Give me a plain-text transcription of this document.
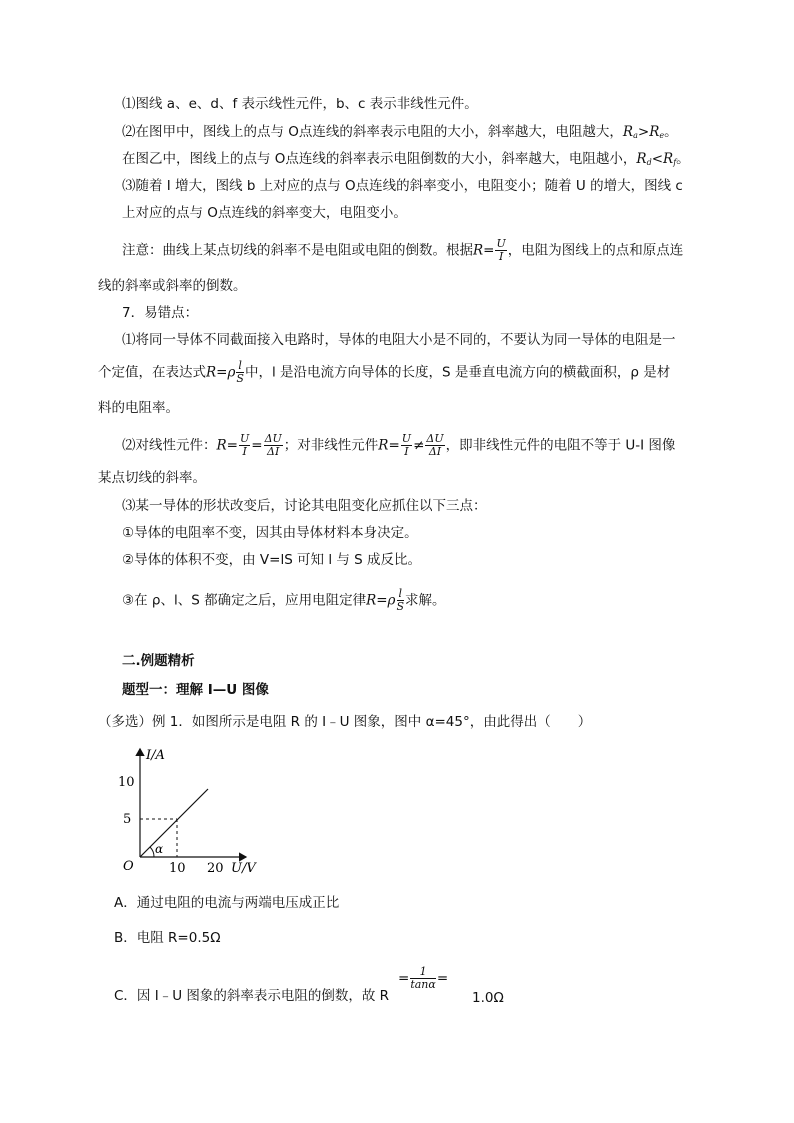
⑴图线 a、e、d、f 表示线性元件，b、c 表示非线性元件。
⑵在图甲中，图线上的点与 O点连线的斜率表示电阻的大小，斜率越大，电阻越大，$R_a>R_e$。
在图乙中，图线上的点与 O点连线的斜率表示电阻倒数的大小，斜率越大，电阻越小，$R_d<R_f$。
⑶随着 I 增大，图线 b 上对应的点与 O点连线的斜率变小，电阻变小；随着 U 的增大，图线 c
上对应的点与 O点连线的斜率变大，电阻变小。
注意：曲线上某点切线的斜率不是电阻或电阻的倒数。根据$R= \frac{U}{I}$ ，电阻为图线上的点和原点连
线的斜率或斜率的倒数。
7．易错点：
⑴将同一导体不同截面接入电路时，导体的电阻大小是不同的，不要认为同一导体的电阻是一
个定值，在表达式$R=\rho \frac{l}{S}$ 中，l 是沿电流方向导体的长度，S 是垂直电流方向的横截面积，ρ 是材
料的电阻率。
⑵对线性元件：$R= \frac{U}{I} = \frac{\Delta U}{\Delta I}$ ；对非线性元件$R= \frac{U}{I} \ne \frac{\Delta U}{\Delta I}$ ，即非线性元件的电阻不等于 U-I 图像
某点切线的斜率。
⑶某一导体的形状改变后，讨论其电阻变化应抓住以下三点：
①导体的电阻率不变，因其由导体材料本身决定。
②导体的体积不变，由 V=lS 可知 l 与 S 成反比。
③在 ρ、l、S 都确定之后，应用电阻定律$R=\rho \frac{l}{S}$ 求解。
二.例题精析
题型一：理解 I—U 图像
（多选）例 1．如图所示是电阻 R 的 I﹣U 图象，图中 α=45°，由此得出（　　）
I/A
U/V
O
10
5
10 20
α
A．通过电阻的电流与两端电压成正比
B．电阻 R=0.5Ω
C．因 I﹣U 图象的斜率表示电阻的倒数，故 R
= $\frac{1}{\tan\alpha}$ =
1.0Ω
